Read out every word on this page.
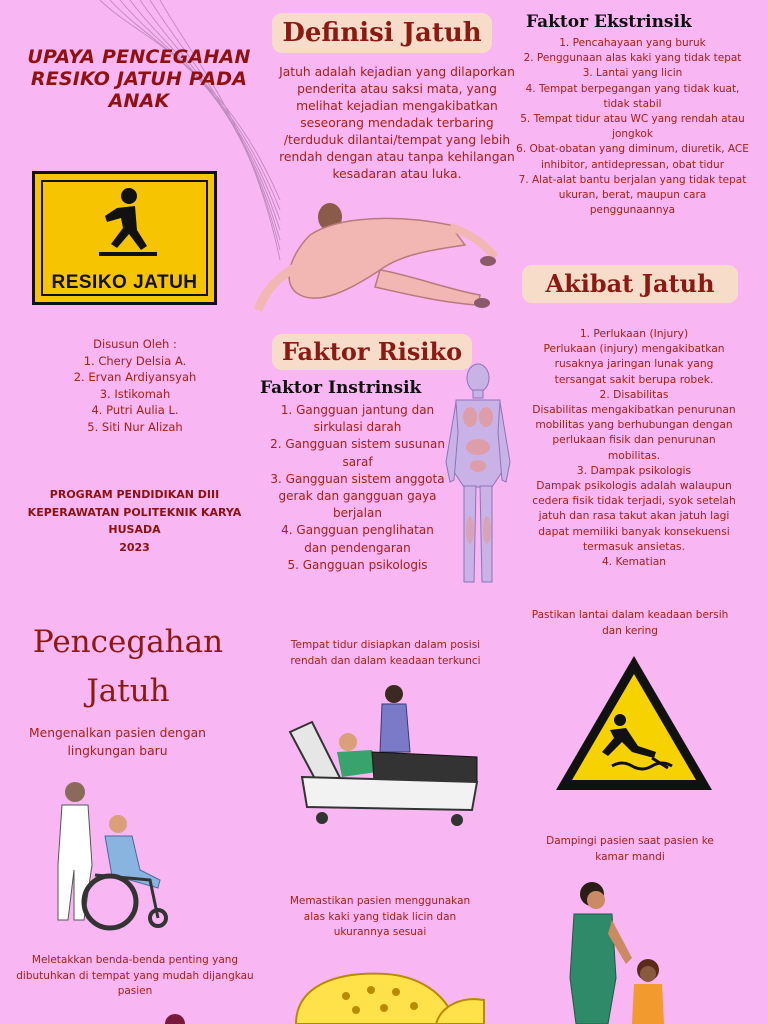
UPAYA PENCEGAHAN RESIKO JATUH PADA ANAK
RESIKO JATUH
Disusun Oleh :
1. Chery Delsia A.
2. Ervan Ardiyansyah
3. Istikomah
4. Putri Aulia L.
5. Siti Nur Alizah
PROGRAM PENDIDIKAN DIII
KEPERAWATAN POLITEKNIK KARYA
HUSADA
2023
Definisi Jatuh
Jatuh adalah kejadian yang dilaporkan penderita atau saksi mata, yang melihat kejadian mengakibatkan seseorang mendadak terbaring /terduduk dilantai/tempat yang lebih rendah dengan atau tanpa kehilangan kesadaran atau luka.
Faktor Ekstrinsik
1. Pencahayaan yang buruk
2. Penggunaan alas kaki yang tidak tepat
3. Lantai yang licin
4. Tempat berpegangan yang tidak kuat, tidak stabil
5. Tempat tidur atau WC yang rendah atau jongkok
6. Obat-obatan yang diminum, diuretik, ACE inhibitor, antidepressan, obat tidur
7. Alat-alat bantu berjalan yang tidak tepat ukuran, berat, maupun cara penggunaannya
Faktor Risiko
Faktor Instrinsik
1. Gangguan jantung dan sirkulasi darah
2. Gangguan sistem susunan saraf
3. Gangguan sistem anggota gerak dan gangguan gaya berjalan
4. Gangguan penglihatan dan pendengaran
5. Gangguan psikologis
Akibat Jatuh
1. Perlukaan (Injury)
Perlukaan (injury) mengakibatkan rusaknya jaringan lunak yang tersangat sakit berupa robek.
2. Disabilitas
Disabilitas mengakibatkan penurunan mobilitas yang berhubungan dengan perlukaan fisik dan penurunan mobilitas.
3. Dampak psikologis
Dampak psikologis adalah walaupun cedera fisik tidak terjadi, syok setelah jatuh dan rasa takut akan jatuh lagi dapat memiliki banyak konsekuensi termasuk ansietas.
4. Kematian
Pencegahan
Jatuh
Mengenalkan pasien dengan lingkungan baru
Tempat tidur disiapkan dalam posisi rendah dan dalam keadaan terkunci
Pastikan lantai dalam keadaan bersih dan kering
Dampingi pasien saat pasien ke kamar mandi
Memastikan pasien menggunakan alas kaki yang tidak licin dan ukurannya sesuai
Meletakkan benda-benda penting yang dibutuhkan di tempat yang mudah dijangkau pasien
